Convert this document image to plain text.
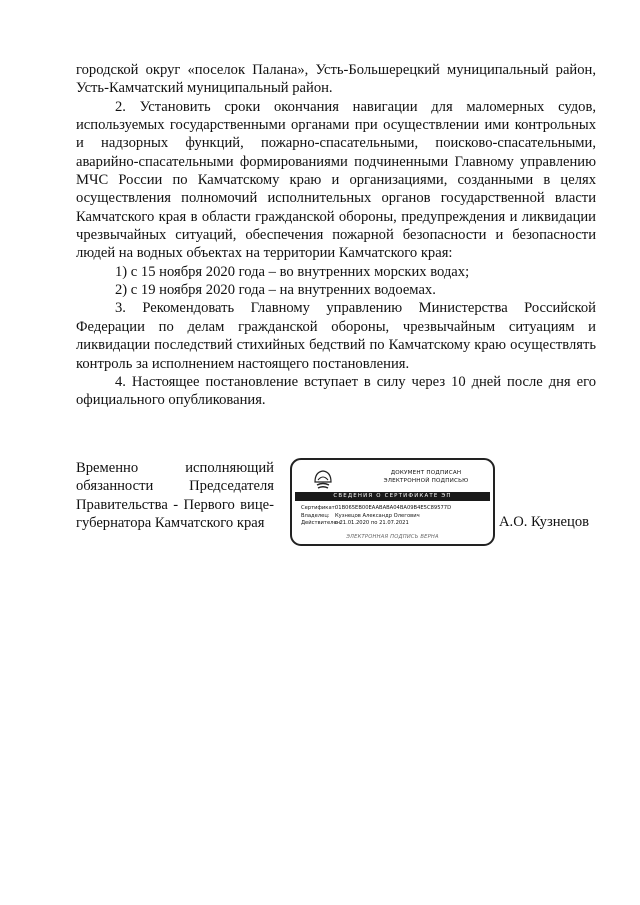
городской округ «поселок Палана», Усть-Большерецкий муниципальный район, Усть-Камчатский муниципальный район.

2. Установить сроки окончания навигации для маломерных судов, используемых государственными органами при осуществлении ими контрольных и надзорных функций, пожарно-спасательными, поисково-спасательными, аварийно-спасательными формированиями подчиненными Главному управлению МЧС России по Камчатскому краю и организациями, созданными в целях осуществления полномочий исполнительных органов государственной власти Камчатского края в области гражданской обороны, предупреждения и ликвидации чрезвычайных ситуаций, обеспечения пожарной безопасности и безопасности людей на водных объектах на территории Камчатского края:

1) с 15 ноября 2020 года – во внутренних морских водах;

2) с 19 ноября 2020 года – на внутренних водоемах.

3. Рекомендовать Главному управлению Министерства Российской Федерации по делам гражданской обороны, чрезвычайным ситуациям и ликвидации последствий стихийных бедствий по Камчатскому краю осуществлять контроль за исполнением настоящего постановления.

4. Настоящее постановление вступает в силу через 10 дней после дня его официального опубликования.

Временно исполняющий
обязанности Председателя
Правительства - Первого вице-
губернатора Камчатского края
ДОКУМЕНТ ПОДПИСАН
ЭЛЕКТРОННОЙ ПОДПИСЬЮ
СВЕДЕНИЯ О СЕРТИФИКАТЕ ЭП
Сертификат:
01B065EB00EAABABA04BA09B4E5C89577D
Владелец:	Кузнецов Александр Олегович
Действителен:
с 21.01.2020 по 21.07.2021
ЭЛЕКТРОННАЯ ПОДПИСЬ ВЕРНА
А.О. Кузнецов
